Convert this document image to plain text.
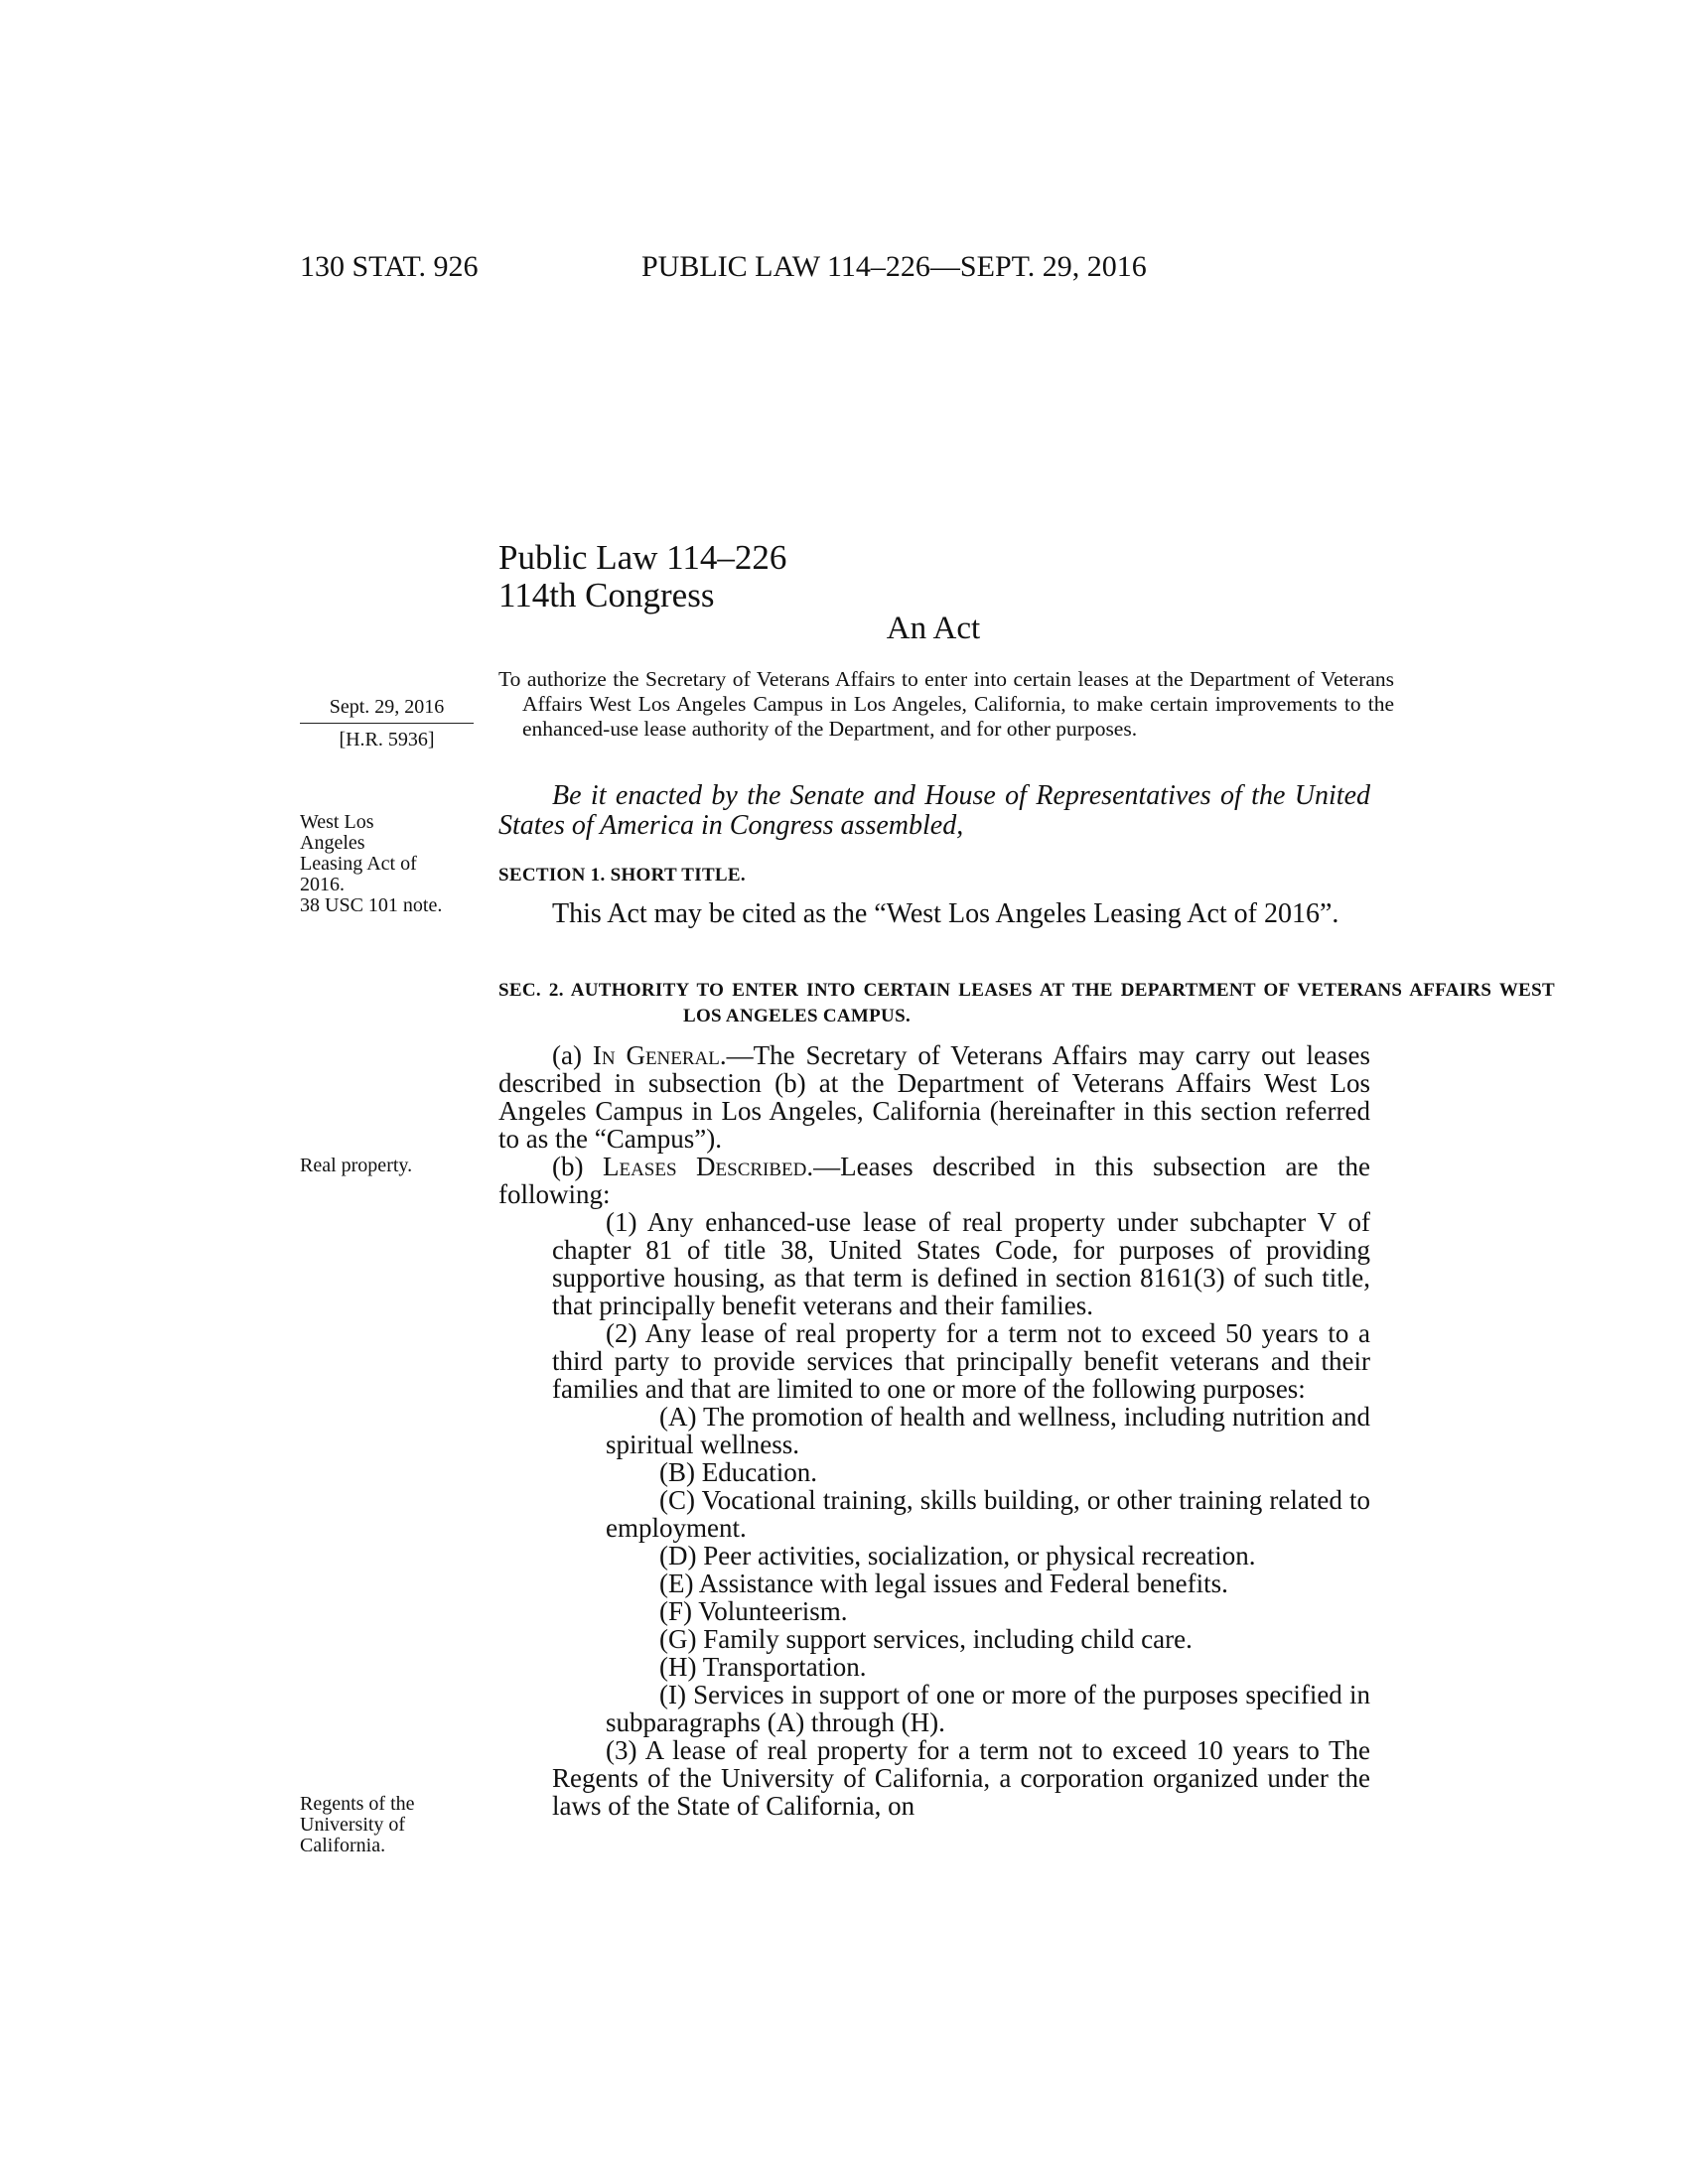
130 STAT. 926	PUBLIC LAW 114–226—SEPT. 29, 2016
Public Law 114–226
114th Congress
An Act
Sept. 29, 2016
[H.R. 5936]

To authorize the Secretary of Veterans Affairs to enter into certain leases at the Department of Veterans Affairs West Los Angeles Campus in Los Angeles, California, to make certain improvements to the enhanced-use lease authority of the Department, and for other purposes.

West Los Angeles Leasing Act of 2016.
38 USC 101 note.
Real property.
Regents of the University of California.

Be it enacted by the Senate and House of Representatives of the United States of America in Congress assembled,

SECTION 1. SHORT TITLE.

This Act may be cited as the “West Los Angeles Leasing Act of 2016”.

SEC. 2. AUTHORITY TO ENTER INTO CERTAIN LEASES AT THE DEPARTMENT OF VETERANS AFFAIRS WEST LOS ANGELES CAMPUS.

(a) In General.—The Secretary of Veterans Affairs may carry out leases described in subsection (b) at the Department of Veterans Affairs West Los Angeles Campus in Los Angeles, California (hereinafter in this section referred to as the “Campus”).

(b) Leases Described.—Leases described in this subsection are the following:

(1) Any enhanced-use lease of real property under subchapter V of chapter 81 of title 38, United States Code, for purposes of providing supportive housing, as that term is defined in section 8161(3) of such title, that principally benefit veterans and their families.

(2) Any lease of real property for a term not to exceed 50 years to a third party to provide services that principally benefit veterans and their families and that are limited to one or more of the following purposes:

(A) The promotion of health and wellness, including nutrition and spiritual wellness.

(B) Education.

(C) Vocational training, skills building, or other training related to employment.

(D) Peer activities, socialization, or physical recreation.

(E) Assistance with legal issues and Federal benefits.

(F) Volunteerism.

(G) Family support services, including child care.

(H) Transportation.

(I) Services in support of one or more of the purposes specified in subparagraphs (A) through (H).

(3) A lease of real property for a term not to exceed 10 years to The Regents of the University of California, a corporation organized under the laws of the State of California, on
